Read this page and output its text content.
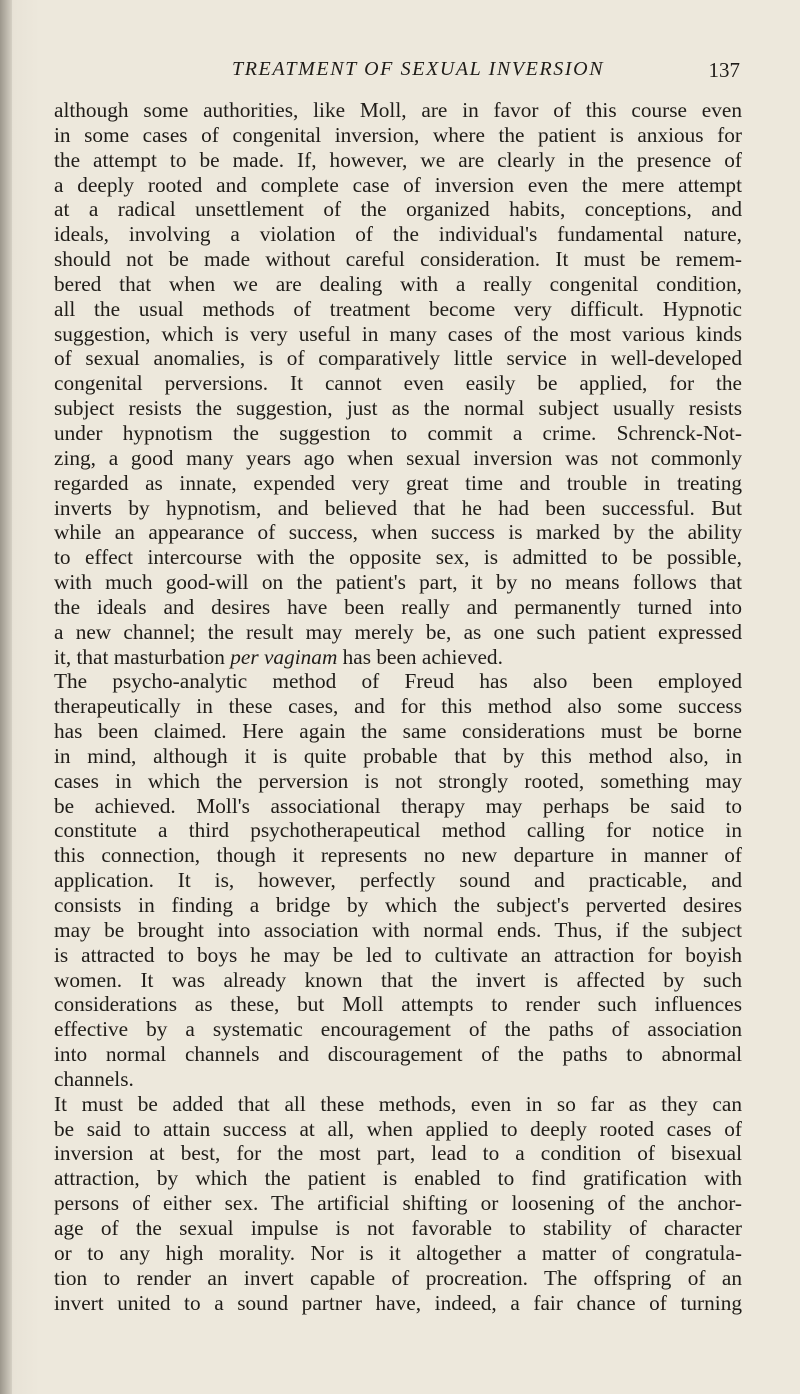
TREATMENT OF SEXUAL INVERSION	137
although some authorities, like Moll, are in favor of this course even
in some cases of congenital inversion, where the patient is anxious for
the attempt to be made. If, however, we are clearly in the presence of
a deeply rooted and complete case of inversion even the mere attempt
at a radical unsettlement of the organized habits, conceptions, and
ideals, involving a violation of the individual's fundamental nature,
should not be made without careful consideration. It must be remem-
bered that when we are dealing with a really congenital condition,
all the usual methods of treatment become very difficult. Hypnotic
suggestion, which is very useful in many cases of the most various kinds
of sexual anomalies, is of comparatively little service in well-developed
congenital perversions. It cannot even easily be applied, for the
subject resists the suggestion, just as the normal subject usually resists
under hypnotism the suggestion to commit a crime. Schrenck-Not-
zing, a good many years ago when sexual inversion was not commonly
regarded as innate, expended very great time and trouble in treating
inverts by hypnotism, and believed that he had been successful. But
while an appearance of success, when success is marked by the ability
to effect intercourse with the opposite sex, is admitted to be possible,
with much good-will on the patient's part, it by no means follows that
the ideals and desires have been really and permanently turned into
a new channel; the result may merely be, as one such patient expressed
it, that masturbation per vaginam has been achieved.
The psycho-analytic method of Freud has also been employed
therapeutically in these cases, and for this method also some success
has been claimed. Here again the same considerations must be borne
in mind, although it is quite probable that by this method also, in
cases in which the perversion is not strongly rooted, something may
be achieved. Moll's associational therapy may perhaps be said to
constitute a third psychotherapeutical method calling for notice in
this connection, though it represents no new departure in manner of
application. It is, however, perfectly sound and practicable, and
consists in finding a bridge by which the subject's perverted desires
may be brought into association with normal ends. Thus, if the subject
is attracted to boys he may be led to cultivate an attraction for boyish
women. It was already known that the invert is affected by such
considerations as these, but Moll attempts to render such influences
effective by a systematic encouragement of the paths of association
into normal channels and discouragement of the paths to abnormal
channels.
It must be added that all these methods, even in so far as they can
be said to attain success at all, when applied to deeply rooted cases of
inversion at best, for the most part, lead to a condition of bisexual
attraction, by which the patient is enabled to find gratification with
persons of either sex. The artificial shifting or loosening of the anchor-
age of the sexual impulse is not favorable to stability of character
or to any high morality. Nor is it altogether a matter of congratula-
tion to render an invert capable of procreation. The offspring of an
invert united to a sound partner have, indeed, a fair chance of turning
